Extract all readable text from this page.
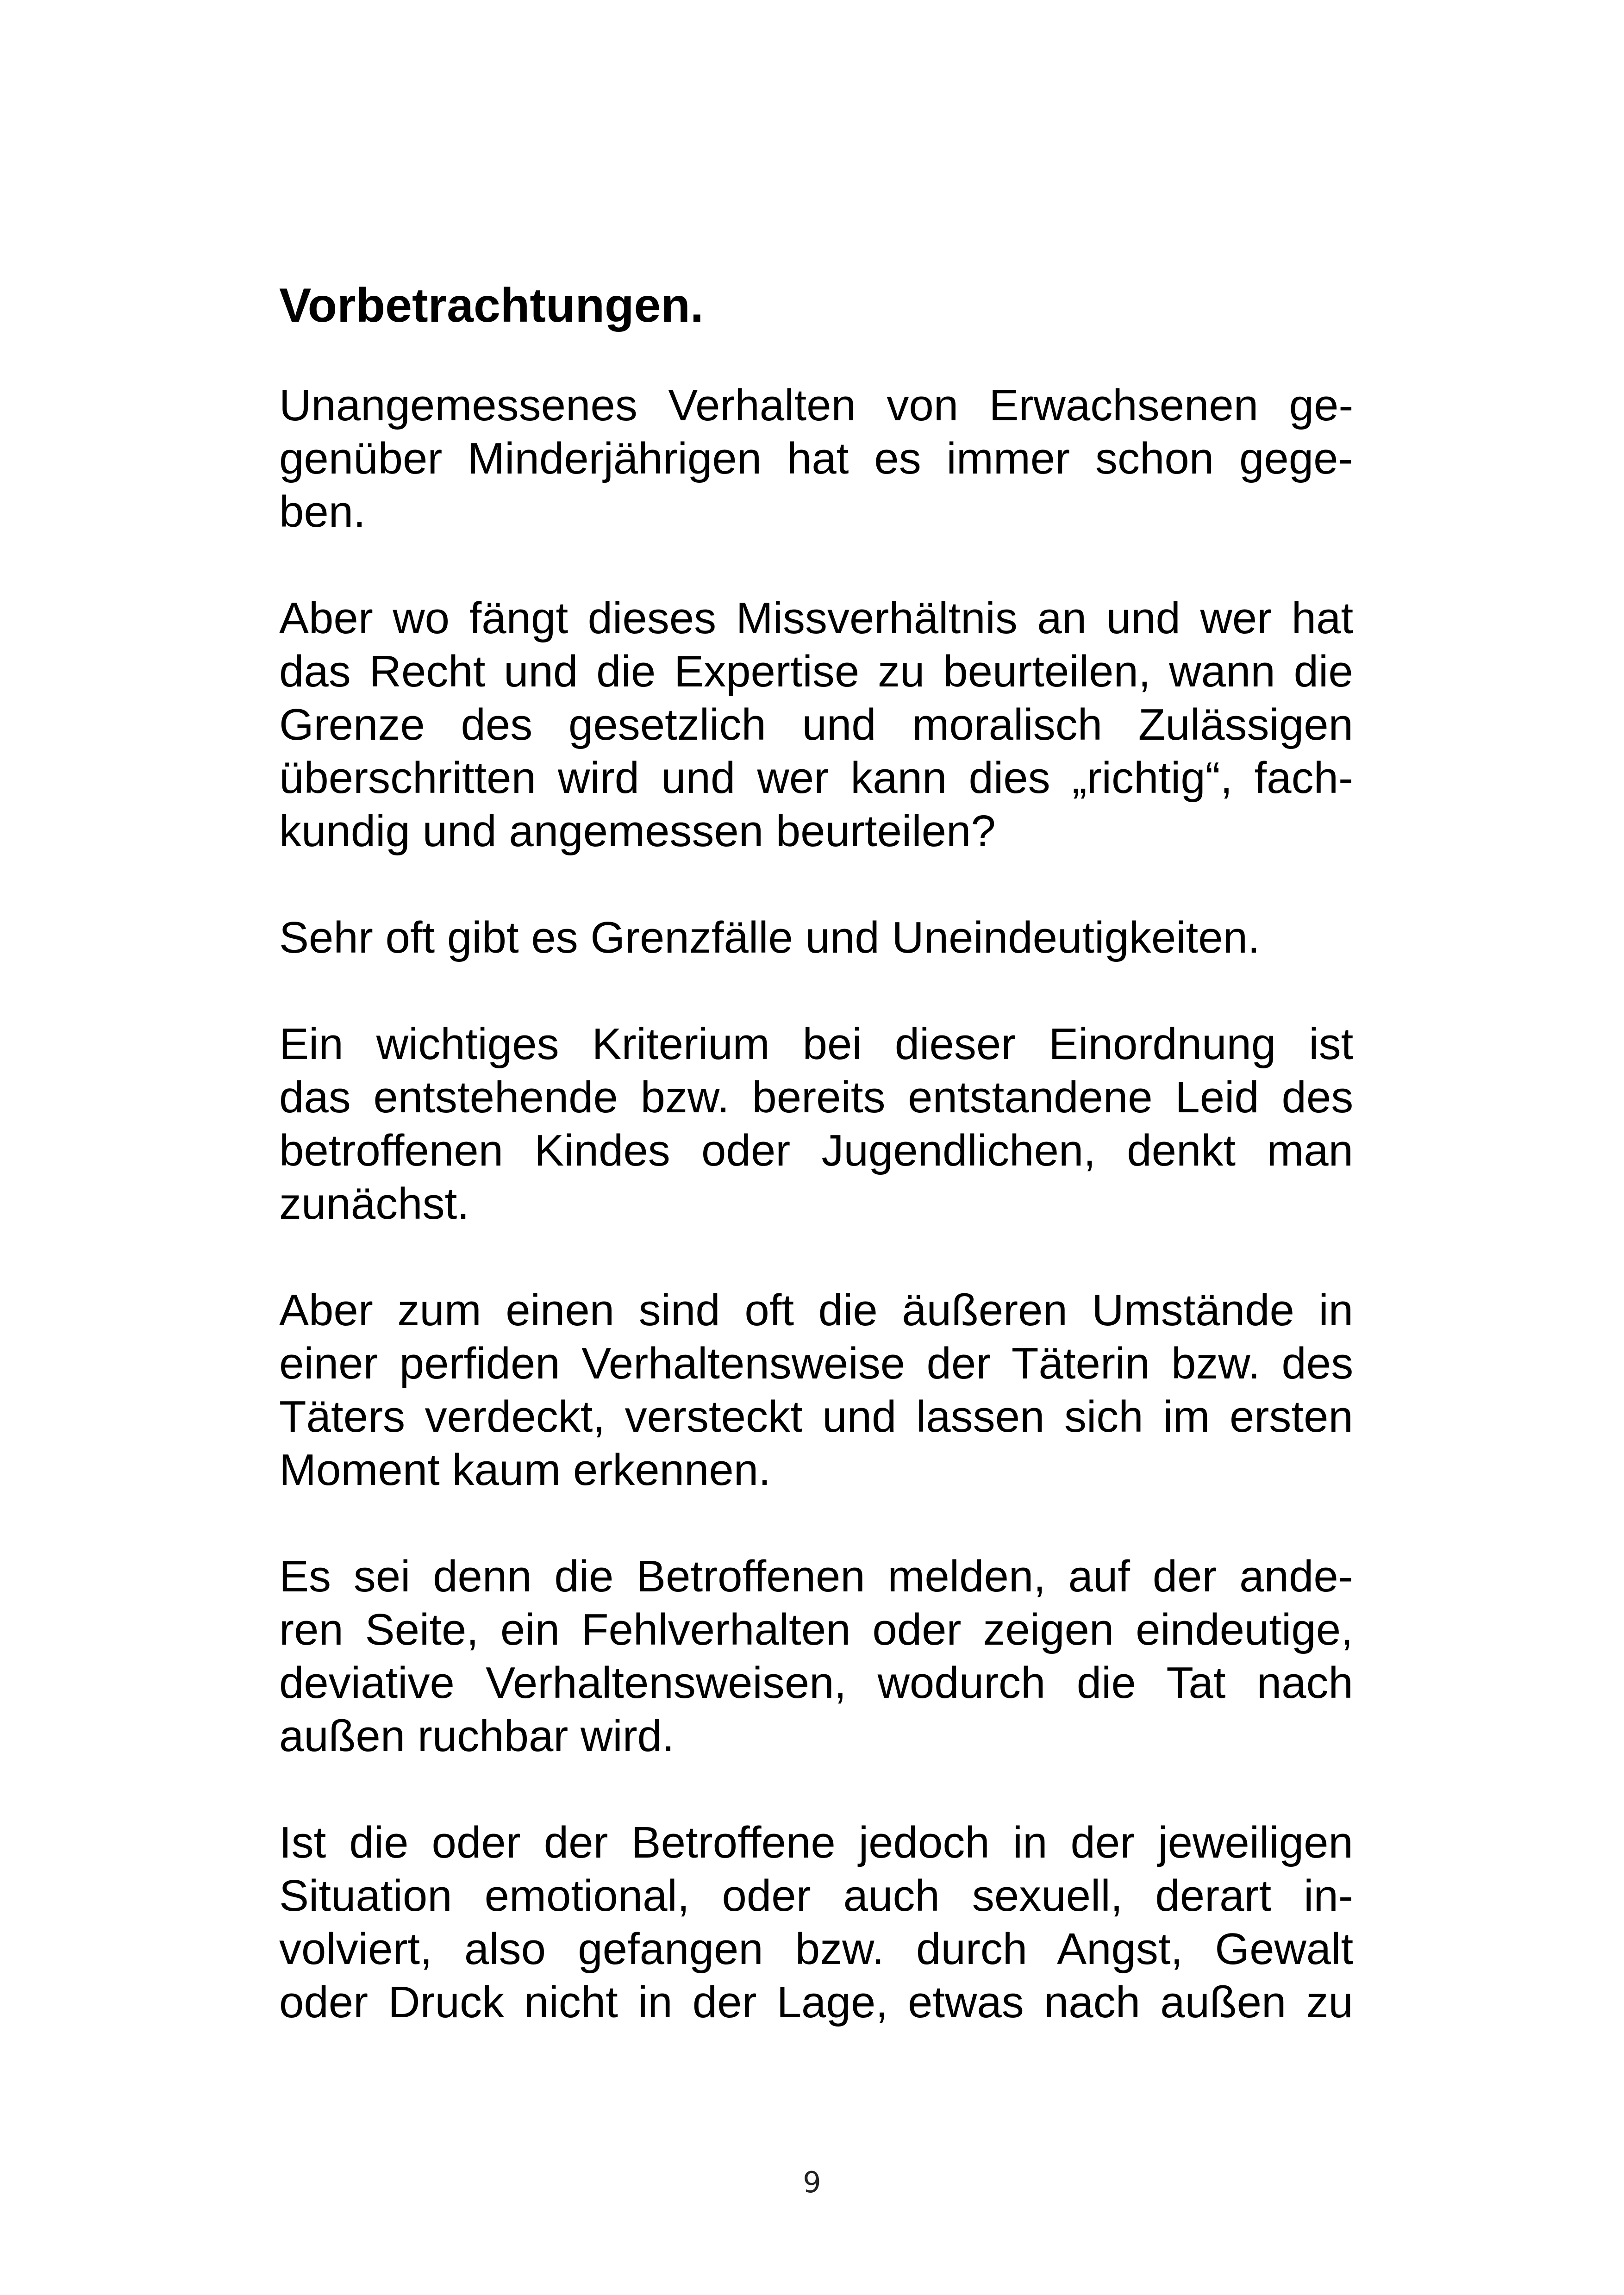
Vorbetrachtungen.
Unangemessenes Verhalten von Erwachsenen ge-
genüber Minderjährigen hat es immer schon gege-
ben.
Aber wo fängt dieses Missverhältnis an und wer hat
das Recht und die Expertise zu beurteilen, wann die
Grenze des gesetzlich und moralisch Zulässigen
überschritten wird und wer kann dies „richtig“, fach-
kundig und angemessen beurteilen?
Sehr oft gibt es Grenzfälle und Uneindeutigkeiten.
Ein wichtiges Kriterium bei dieser Einordnung ist
das entstehende bzw. bereits entstandene Leid des
betroffenen Kindes oder Jugendlichen, denkt man
zunächst.
Aber zum einen sind oft die äußeren Umstände in
einer perfiden Verhaltensweise der Täterin bzw. des
Täters verdeckt, versteckt und lassen sich im ersten
Moment kaum erkennen.
Es sei denn die Betroffenen melden, auf der ande-
ren Seite, ein Fehlverhalten oder zeigen eindeutige,
deviative Verhaltensweisen, wodurch die Tat nach
außen ruchbar wird.
Ist die oder der Betroffene jedoch in der jeweiligen
Situation emotional, oder auch sexuell, derart in-
volviert, also gefangen bzw. durch Angst, Gewalt
oder Druck nicht in der Lage, etwas nach außen zu
9
